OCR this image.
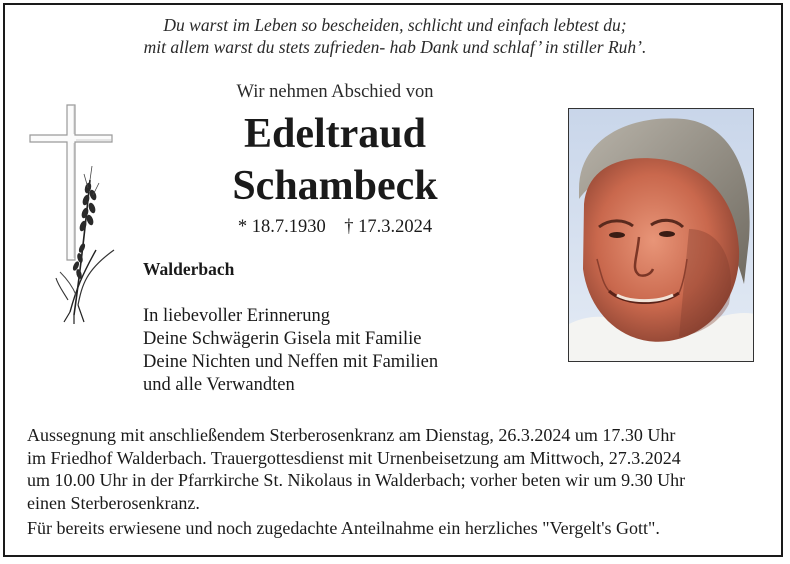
Du warst im Leben so bescheiden, schlicht und einfach lebtest du;
mit allem warst du stets zufrieden- hab Dank und schlaf’ in stiller Ruh’.
Wir nehmen Abschied von
Edeltraud
Schambeck
* 18.7.1930    † 17.3.2024
Walderbach
In liebevoller Erinnerung
Deine Schwägerin Gisela mit Familie
Deine Nichten und Neffen mit Familien
und alle Verwandten
Aussegnung mit anschließendem Sterberosenkranz am Dienstag, 26.3.2024 um 17.30 Uhr
im Friedhof Walderbach. Trauergottesdienst mit Urnenbeisetzung am Mittwoch, 27.3.2024
um 10.00 Uhr in der Pfarrkirche St. Nikolaus in Walderbach; vorher beten wir um 9.30 Uhr
einen Sterberosenkranz.
Für bereits erwiesene und noch zugedachte Anteilnahme ein herzliches "Vergelt's Gott".
